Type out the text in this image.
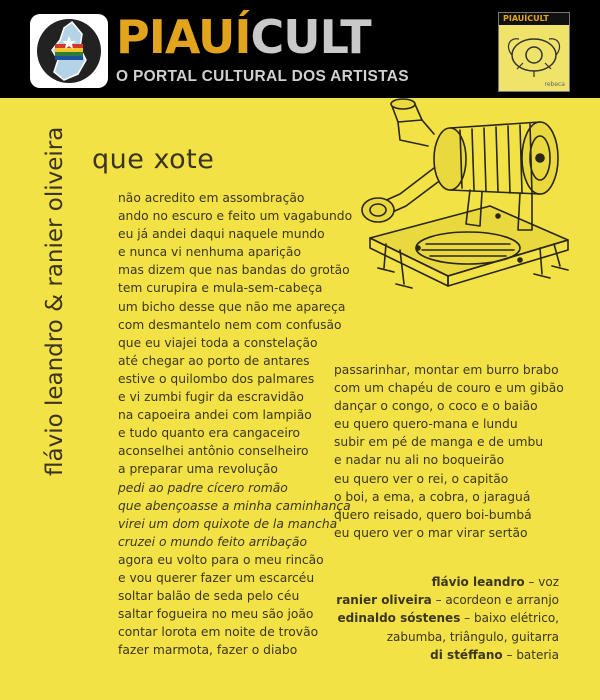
PIAUÍCULT
O PORTAL CULTURAL DOS ARTISTAS
PIAUÍCULT
rebeca
flávio leandro & ranier oliveira que xote
não acredito em assombração
ando no escuro e feito um vagabundo
eu já andei daqui naquele mundo
e nunca vi nenhuma aparição
mas dizem que nas bandas do grotão
tem curupira e mula-sem-cabeça
um bicho desse que não me apareça
com desmantelo nem com confusão
que eu viajei toda a constelação
até chegar ao porto de antares
estive o quilombo dos palmares
e vi zumbi fugir da escravidão
na capoeira andei com lampião
e tudo quanto era cangaceiro
aconselhei antônio conselheiro
a preparar uma revolução
pedi ao padre cícero romão
que abençoasse a minha caminhança
virei um dom quixote de la mancha
cruzei o mundo feito arribação
agora eu volto para o meu rincão
e vou querer fazer um escarcéu
soltar balão de seda pelo céu
saltar fogueira no meu são joão
contar lorota em noite de trovão
fazer marmota, fazer o diabo
passarinhar, montar em burro brabo
com um chapéu de couro e um gibão
dançar o congo, o coco e o baião
eu quero quero-mana e lundu
subir em pé de manga e de umbu
e nadar nu ali no boqueirão
eu quero ver o rei, o capitão
o boi, a ema, a cobra, o jaraguá
quero reisado, quero boi-bumbá
eu quero ver o mar virar sertão
flávio leandro – voz
ranier oliveira – acordeon e arranjo
edinaldo sóstenes – baixo elétrico,
zabumba, triângulo, guitarra
di stéffano – bateria
